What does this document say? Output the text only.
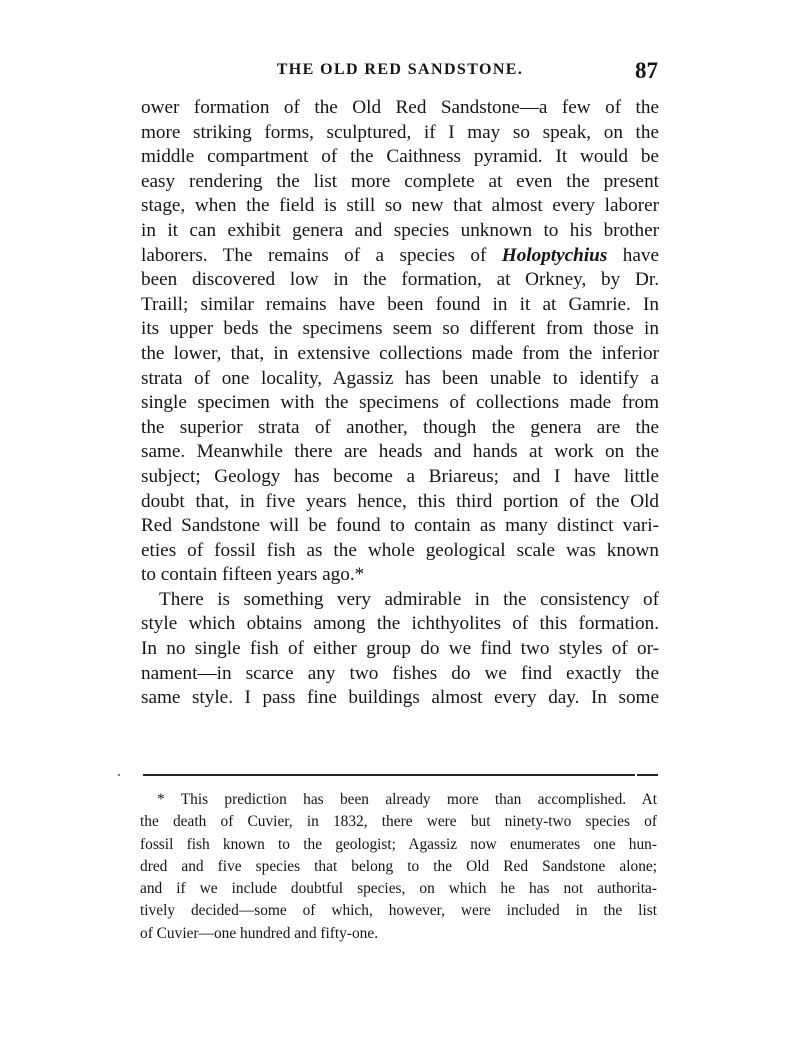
THE OLD RED SANDSTONE.	87
ower formation of the Old Red Sandstone—a few of the
more striking forms, sculptured, if I may so speak, on the
middle compartment of the Caithness pyramid. It would be
easy rendering the list more complete at even the present
stage, when the field is still so new that almost every laborer
in it can exhibit genera and species unknown to his brother
laborers. The remains of a species of Holoptychius have
been discovered low in the formation, at Orkney, by Dr.
Traill; similar remains have been found in it at Gamrie. In
its upper beds the specimens seem so different from those in
the lower, that, in extensive collections made from the inferior
strata of one locality, Agassiz has been unable to identify a
single specimen with the specimens of collections made from
the superior strata of another, though the genera are the
same. Meanwhile there are heads and hands at work on the
subject; Geology has become a Briareus; and I have little
doubt that, in five years hence, this third portion of the Old
Red Sandstone will be found to contain as many distinct vari-
eties of fossil fish as the whole geological scale was known
to contain fifteen years ago.*
There is something very admirable in the consistency of
style which obtains among the ichthyolites of this formation.
In no single fish of either group do we find two styles of or-
nament—in scarce any two fishes do we find exactly the
same style. I pass fine buildings almost every day. In some
* This prediction has been already more than accomplished. At
the death of Cuvier, in 1832, there were but ninety-two species of
fossil fish known to the geologist; Agassiz now enumerates one hun-
dred and five species that belong to the Old Red Sandstone alone;
and if we include doubtful species, on which he has not authorita-
tively decided—some of which, however, were included in the list
of Cuvier—one hundred and fifty-one.
